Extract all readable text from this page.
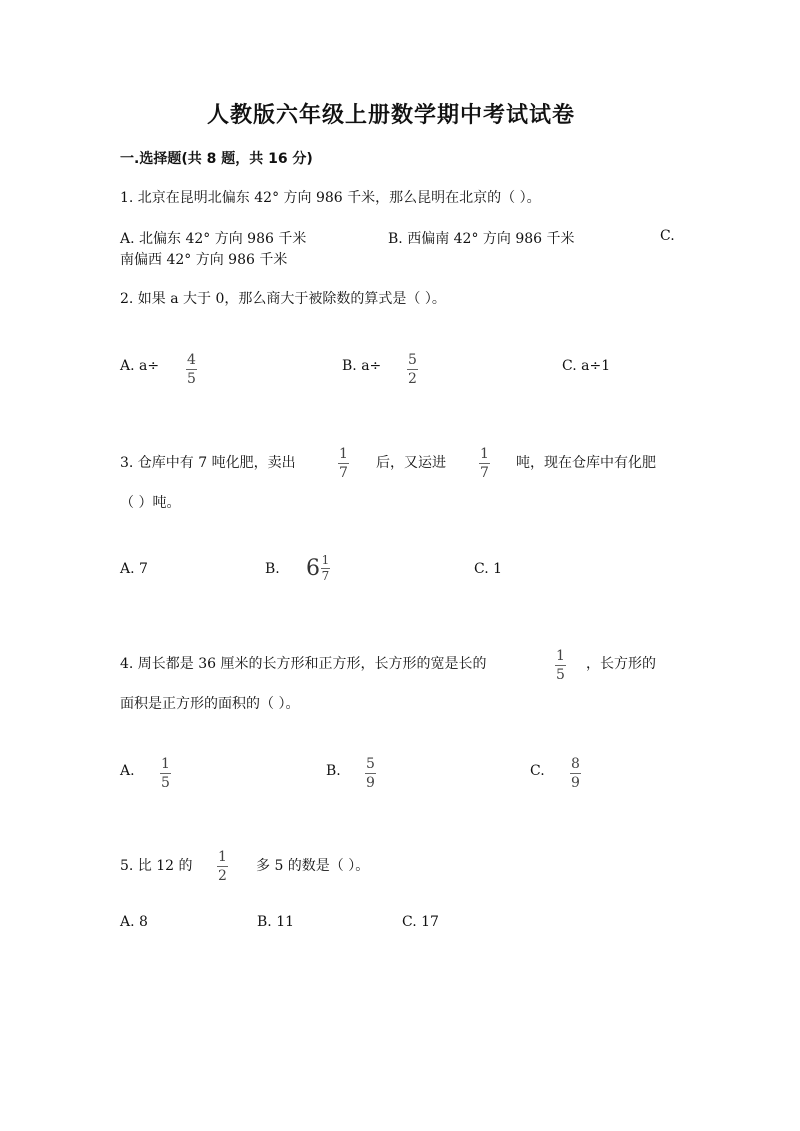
人教版六年级上册数学期中考试试卷
一.选择题(共 8 题，共 16 分)
1. 北京在昆明北偏东 42° 方向 986 千米，那么昆明在北京的（ ）。
A. 北偏东 42° 方向 986 千米	B. 西偏南 42° 方向 986 千米	C.
南偏西 42° 方向 986 千米
2. 如果 a 大于 0，那么商大于被除数的算式是（ ）。
A. a÷ 4
5
B. a÷ 5
2
C. a÷1
3. 仓库中有 7 吨化肥，卖出
1
7
后，又运进
1
7
吨，现在仓库中有化肥
（ ）吨。
A. 7	B. $6 \frac{1}{7}$	C. 1
4. 周长都是 36 厘米的长方形和正方形，长方形的宽是长的	1
5
，长方形的
面积是正方形的面积的（ ）。
A. 1
5
B. 5
9
C. 8
9
5. 比 12 的
1
2
多 5 的数是（ ）。
A. 8	B. 11	C. 17
